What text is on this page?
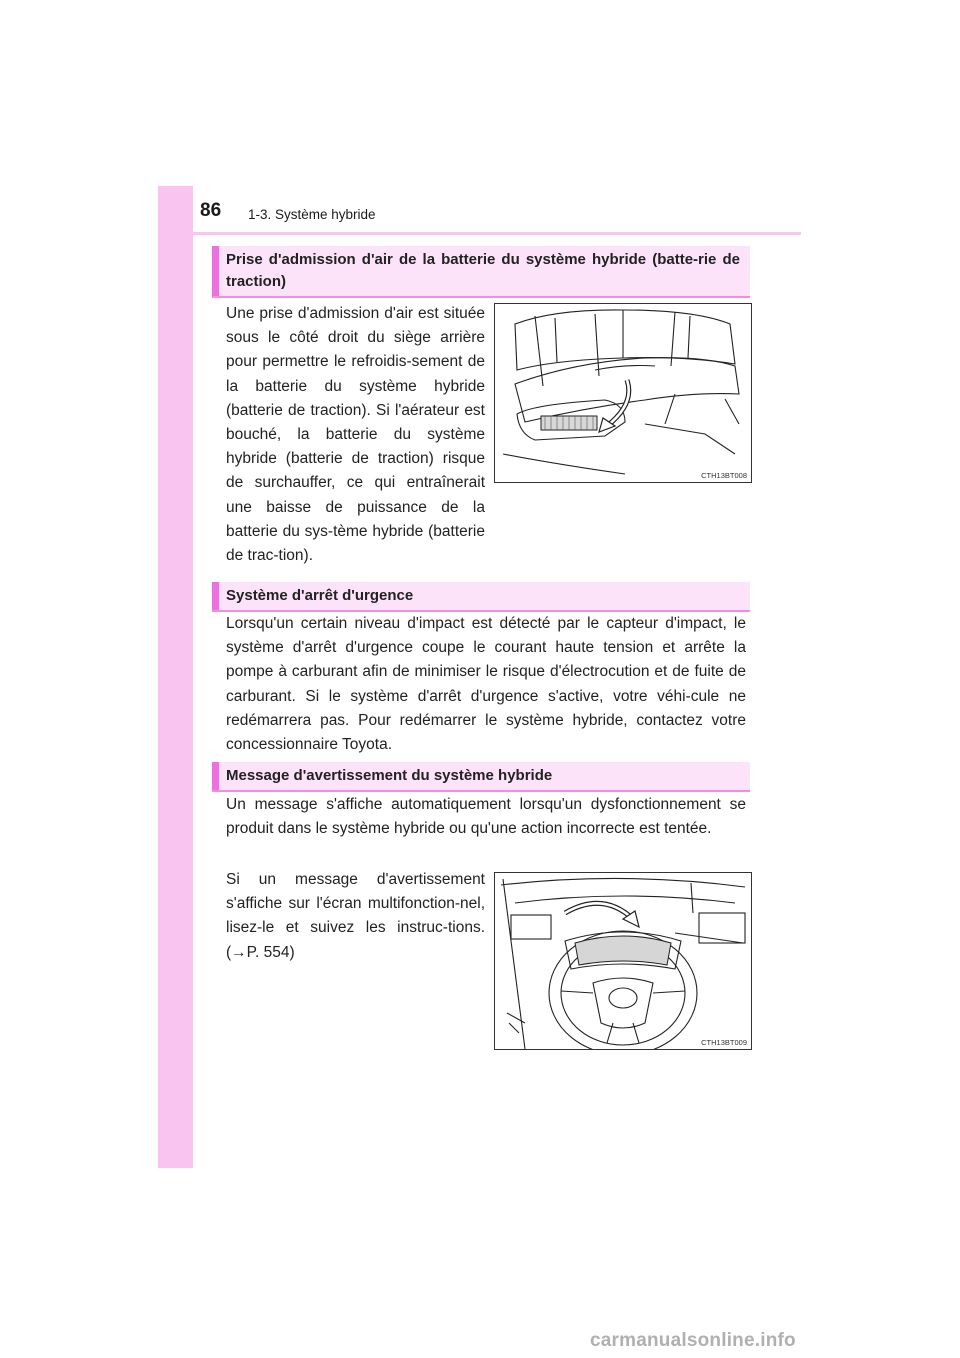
86 1-3. Système hybride
Prise d'admission d'air de la batterie du système hybride (batte-rie de traction)

Une prise d'admission d'air est située sous le côté droit du siège arrière pour permettre le refroidis-sement de la batterie du système hybride (batterie de traction). Si l'aérateur est bouché, la batterie du système hybride (batterie de traction) risque de surchauffer, ce qui entraînerait une baisse de puissance de la batterie du sys-tème hybride (batterie de trac-tion).

CTH13BT008
Système d'arrêt d'urgence

Lorsqu'un certain niveau d'impact est détecté par le capteur d'impact, le système d'arrêt d'urgence coupe le courant haute tension et arrête la pompe à carburant afin de minimiser le risque d'électrocution et de fuite de carburant. Si le système d'arrêt d'urgence s'active, votre véhi-cule ne redémarrera pas. Pour redémarrer le système hybride, contactez votre concessionnaire Toyota.

Message d'avertissement du système hybride

Un message s'affiche automatiquement lorsqu'un dysfonctionnement se produit dans le système hybride ou qu'une action incorrecte est tentée.

Si un message d'avertissement s'affiche sur l'écran multifonction-nel, lisez-le et suivez les instruc-tions. (→P. 554)

CTH13BT009
carmanualsonline.info
